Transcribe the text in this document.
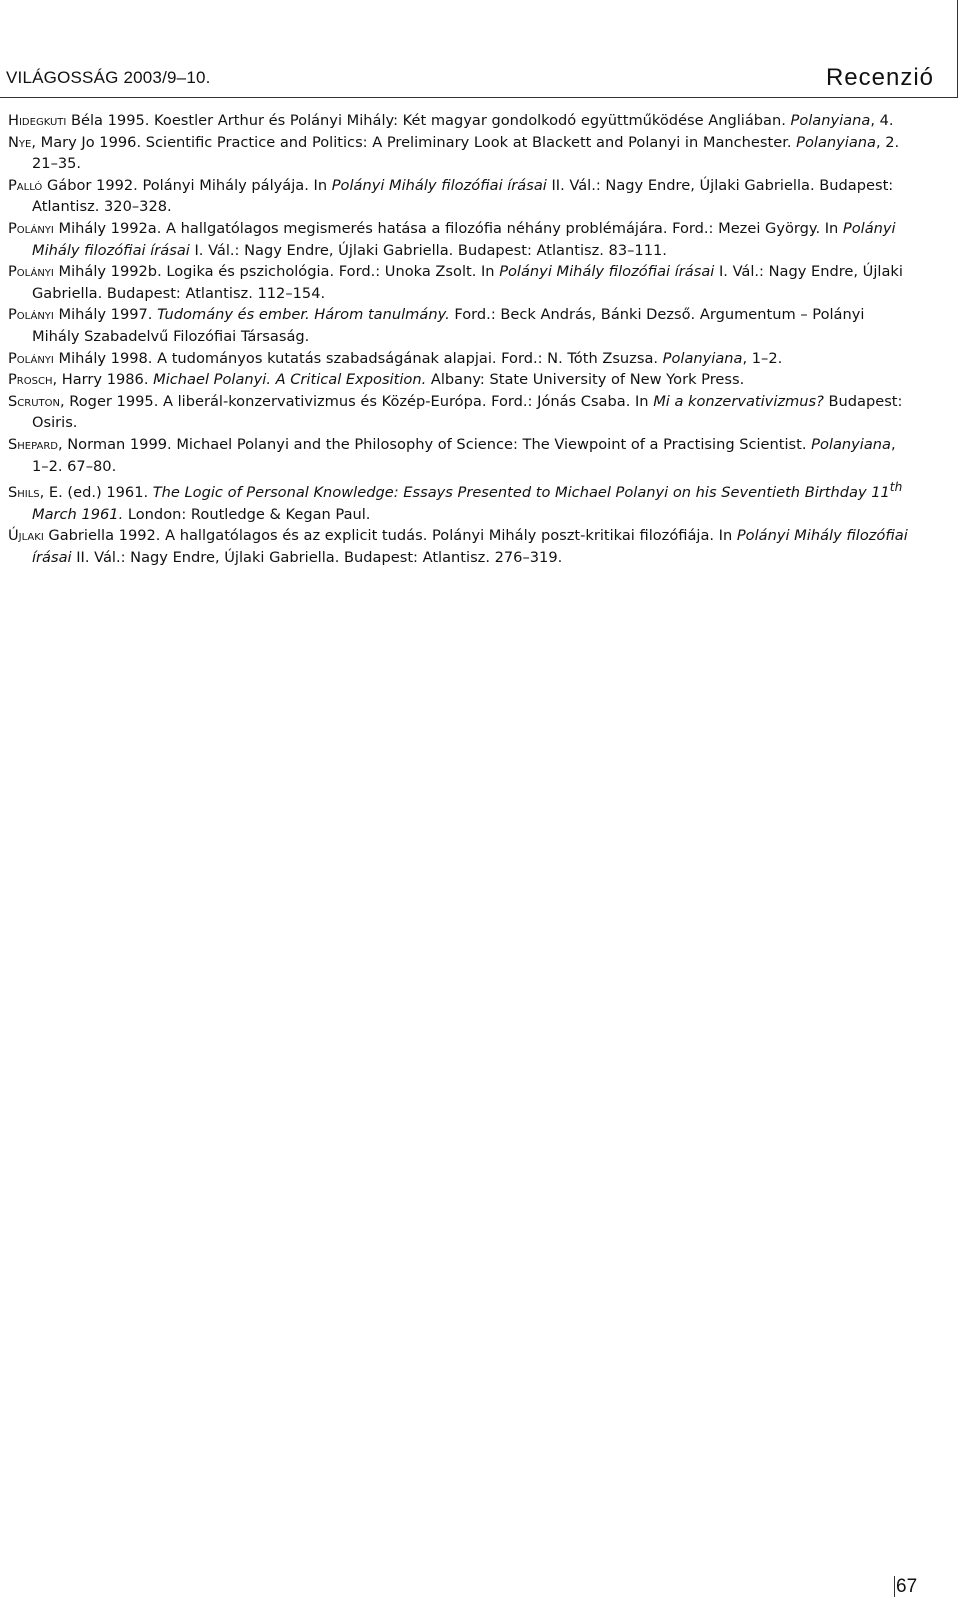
VILÁGOSSÁG 2003/9–10.	Recenzió

Hidegkuti Béla 1995. Koestler Arthur és Polányi Mihály: Két magyar gondolkodó együttműködése Angliában. Polanyiana, 4.

Nye, Mary Jo 1996. Scientific Practice and Politics: A Preliminary Look at Blackett and Polanyi in Manchester. Polanyiana, 2. 21–35.

Palló Gábor 1992. Polányi Mihály pályája. In Polányi Mihály filozófiai írásai II. Vál.: Nagy Endre, Újlaki Gabriella. Budapest: Atlantisz. 320–328.

Polányi Mihály 1992a. A hallgatólagos megismerés hatása a filozófia néhány problémájára. Ford.: Mezei György. In Polányi Mihály filozófiai írásai I. Vál.: Nagy Endre, Újlaki Gabriella. Budapest: Atlantisz. 83–111.

Polányi Mihály 1992b. Logika és pszichológia. Ford.: Unoka Zsolt. In Polányi Mihály filozófiai írásai I. Vál.: Nagy Endre, Újlaki Gabriella. Budapest: Atlantisz. 112–154.

Polányi Mihály 1997. Tudomány és ember. Három tanulmány. Ford.: Beck András, Bánki Dezső. Argumentum – Polányi Mihály Szabadelvű Filozófiai Társaság.

Polányi Mihály 1998. A tudományos kutatás szabadságának alapjai. Ford.: N. Tóth Zsuzsa. Polanyiana, 1–2.

Prosch, Harry 1986. Michael Polanyi. A Critical Exposition. Albany: State University of New York Press.

Scruton, Roger 1995. A liberál-konzervativizmus és Közép-Európa. Ford.: Jónás Csaba. In Mi a konzervativizmus? Budapest: Osiris.

Shepard, Norman 1999. Michael Polanyi and the Philosophy of Science: The Viewpoint of a Practising Scientist. Polanyiana, 1–2. 67–80.

Shils, E. (ed.) 1961. The Logic of Personal Knowledge: Essays Presented to Michael Polanyi on his Seventieth Birthday 11th March 1961. London: Routledge & Kegan Paul.

Újlaki Gabriella 1992. A hallgatólagos és az explicit tudás. Polányi Mihály poszt-kritikai filozófiája. In Polányi Mihály filozófiai írásai II. Vál.: Nagy Endre, Újlaki Gabriella. Budapest: Atlantisz. 276–319.

67
